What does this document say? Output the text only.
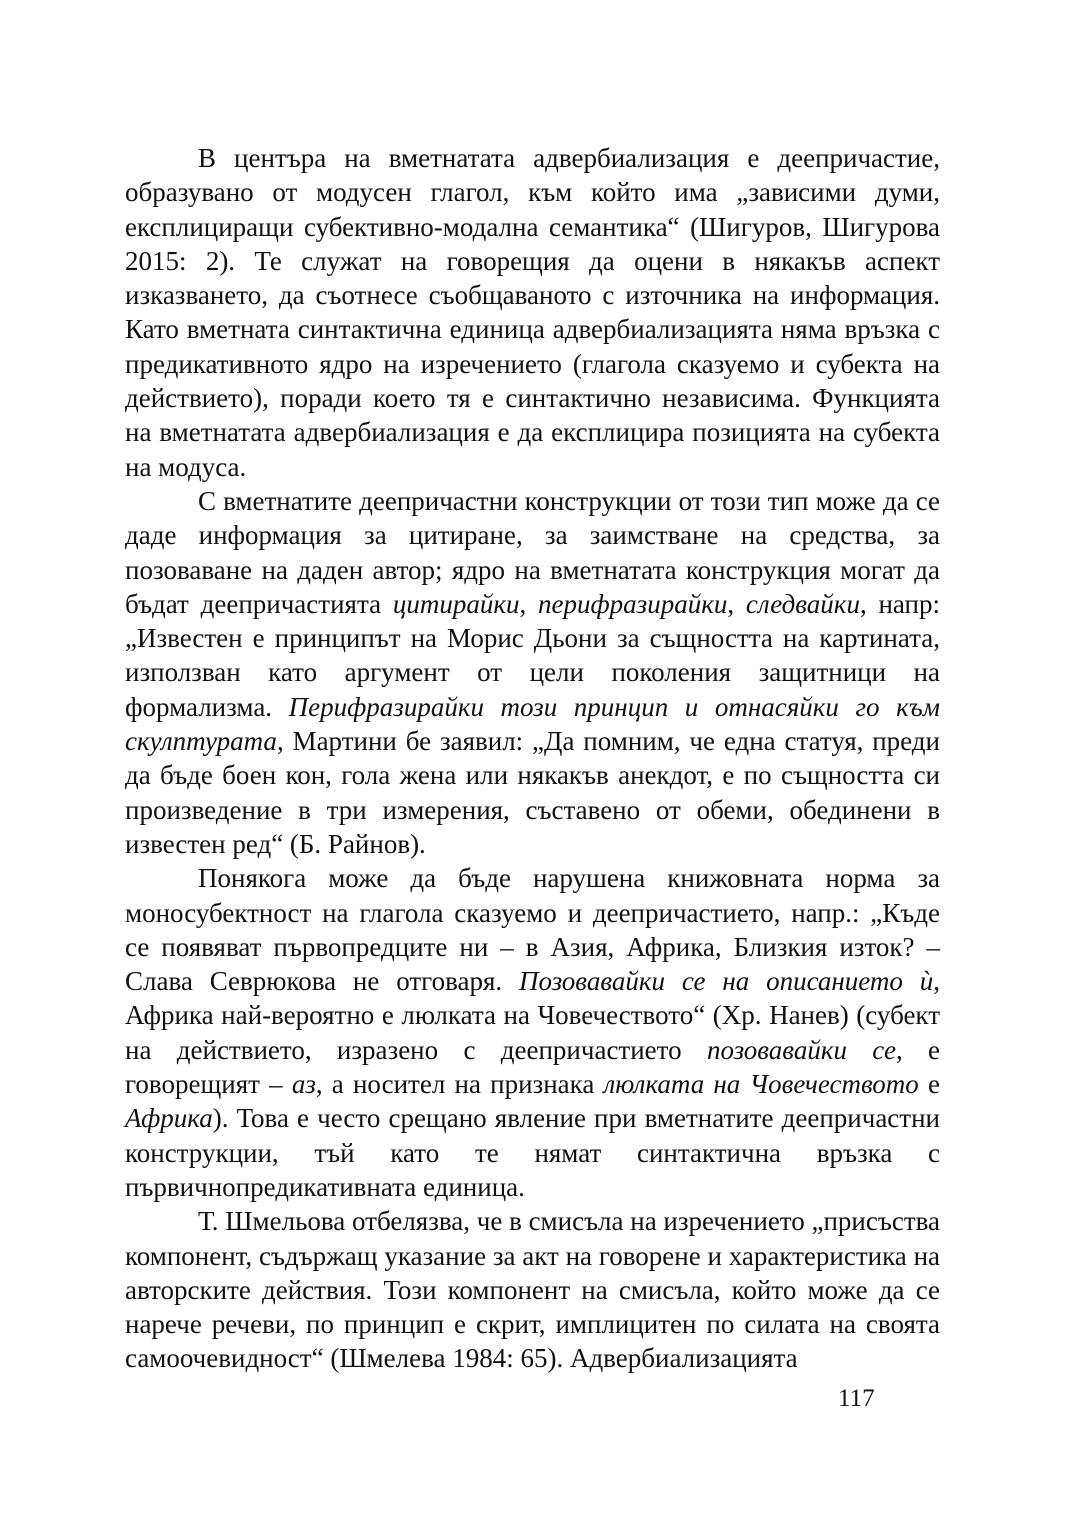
В центъра на вметнатата адвербиализация е деепричастие, образувано от модусен глагол, към който има „зависими думи, експлициращи субективно-модална семантика“ (Шигуров, Шигурова 2015: 2). Те служат на говорещия да оцени в някакъв аспект изказването, да съотнесе съобщаваното с източника на информация. Като вметната синтактична единица адвербиализацията няма връзка с предикативното ядро на изречението (глагола сказуемо и субекта на действието), поради което тя е синтактично независима. Функцията на вметнатата адвербиализация е да експлицира позицията на субекта на модуса.

С вметнатите деепричастни конструкции от този тип може да се даде информация за цитиране, за заимстване на средства, за позоваване на даден автор; ядро на вметнатата конструкция могат да бъдат деепричастията цитирайки, перифразирайки, следвайки, напр: „Известен е принципът на Морис Дьони за същността на картината, използван като аргумент от цели поколения защитници на формализма. Перифразирайки този принцип и отнасяйки го към скулптурата, Мартини бе заявил: „Да помним, че една статуя, преди да бъде боен кон, гола жена или някакъв анекдот, е по същността си произведение в три измерения, съставено от обеми, обединени в известен ред“ (Б. Райнов).

Понякога може да бъде нарушена книжовната норма за моносубектност на глагола сказуемо и деепричастието, напр.: „Къде се появяват първопредците ни – в Азия, Африка, Близкия изток? – Слава Севрюкова не отговаря. Позовавайки се на описанието ѝ, Африка най-вероятно е люлката на Човечеството“ (Хр. Нанев) (субект на действието, изразено с деепричастието позовавайки се, е говорещият – аз, а носител на признака люлката на Човечеството е Африка). Това е често срещано явление при вметнатите деепричастни конструкции, тъй като те нямат синтактична връзка с първичнопредикативната единица.

Т. Шмельова отбелязва, че в смисъла на изречението „присъства компонент, съдържащ указание за акт на говорене и характеристика на авторските действия. Този компонент на смисъла, който може да се нарече речеви, по принцип е скрит, имплицитен по силата на своята самоочевидност“ (Шмелева 1984: 65). Адвербиализацията

117
